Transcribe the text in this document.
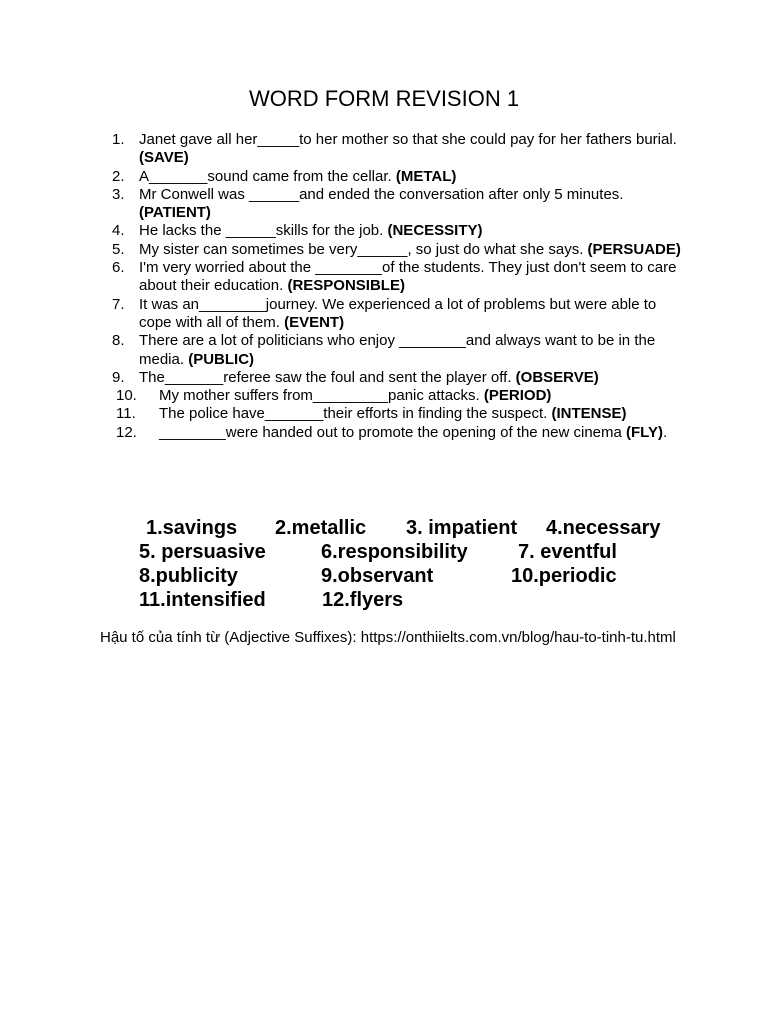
WORD FORM REVISION 1
1. Janet gave all her_____to her mother so that she could pay for her fathers burial. (SAVE)
2. A_______sound came from the cellar. (METAL)
3. Mr Conwell was ______and ended the conversation after only 5 minutes. (PATIENT)
4. He lacks the ______skills for the job. (NECESSITY)
5. My sister can sometimes be very______, so just do what she says. (PERSUADE)
6. I'm very worried about the ________of the students. They just don't seem to care about their education. (RESPONSIBLE)
7. It was an________journey. We experienced a lot of problems but were able to cope with all of them. (EVENT)
8. There are a lot of politicians who enjoy ________and always want to be in the media. (PUBLIC)
9. The_______referee saw the foul and sent the player off. (OBSERVE)
10. My mother suffers from_________panic attacks. (PERIOD)
11. The police have_______their efforts in finding the suspect. (INTENSE)
12. ________were handed out to promote the opening of the new cinema (FLY).
1.savings 2.metallic 3. impatient 4.necessary
5. persuasive	6.responsibility	7. eventful
8.publicity	9.observant	10.periodic
11.intensified	12.flyers
Hậu tố của tính từ (Adjective Suffixes): https://onthiielts.com.vn/blog/hau-to-tinh-tu.html
